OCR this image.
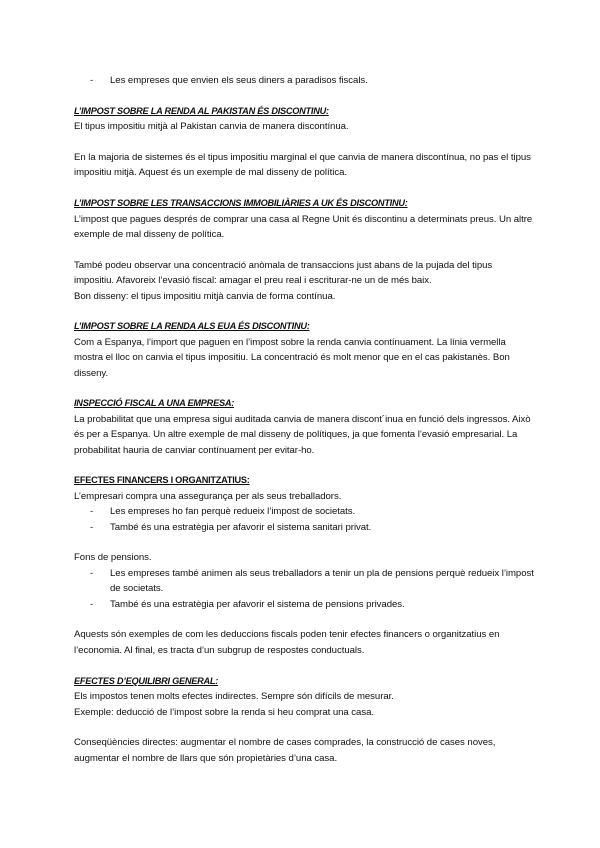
- Les empreses que envien els seus diners a paradisos fiscals.

L’IMPOST SOBRE LA RENDA AL PAKISTAN ÉS DISCONTINU:

El tipus impositiu mitjà al Pakistan canvia de manera discontínua.

En la majoria de sistemes és el tipus impositiu marginal el que canvia de manera discontínua, no pas el tipus impositiu mitjà. Aquest és un exemple de mal disseny de política.

L’IMPOST SOBRE LES TRANSACCIONS IMMOBILIÀRIES A UK ÉS DISCONTINU:

L’impost que pagues després de comprar una casa al Regne Unit és discontinu a determinats preus. Un altre exemple de mal disseny de política.

També podeu observar una concentració anòmala de transaccions just abans de la pujada del tipus impositiu. Afavoreix l’evasió fiscal: amagar el preu real i escriturar-ne un de més baix.

Bon disseny: el tipus impositiu mitjà canvia de forma contínua.

L’IMPOST SOBRE LA RENDA ALS EUA ÉS DISCONTINU:

Com a Espanya, l’import que paguen en l’impost sobre la renda canvia contínuament. La línia vermella mostra el lloc on canvia el tipus impositiu. La concentració és molt menor que en el cas pakistanès. Bon disseny.

INSPECCIÓ FISCAL A UNA EMPRESA:

La probabilitat que una empresa sigui auditada canvia de manera discont´inua en funció dels ingressos. Això és per a Espanya. Un altre exemple de mal disseny de polítiques, ja que fomenta l’evasió empresarial. La probabilitat hauria de canviar contínuament per evitar-ho.

EFECTES FINANCERS I ORGANITZATIUS:

L’empresari compra una assegurança per als seus treballadors.

- Les empreses ho fan perquè redueix l’impost de societats.

- També és una estratègia per afavorir el sistema sanitari privat.

Fons de pensions.

- Les empreses també animen als seus treballadors a tenir un pla de pensions perquè redueix l’impost de societats.

- També és una estratègia per afavorir el sistema de pensions privades.

Aquests són exemples de com les deduccions fiscals poden tenir efectes financers o organitzatius en l’economia. Al final, es tracta d’un subgrup de respostes conductuals.

EFECTES D’EQUILIBRI GENERAL:

Els impostos tenen molts efectes indirectes. Sempre són difícils de mesurar.

Exemple: deducció de l’impost sobre la renda si heu comprat una casa.

Conseqüències directes: augmentar el nombre de cases comprades, la construcció de cases noves, augmentar el nombre de llars que són propietàries d’una casa.
